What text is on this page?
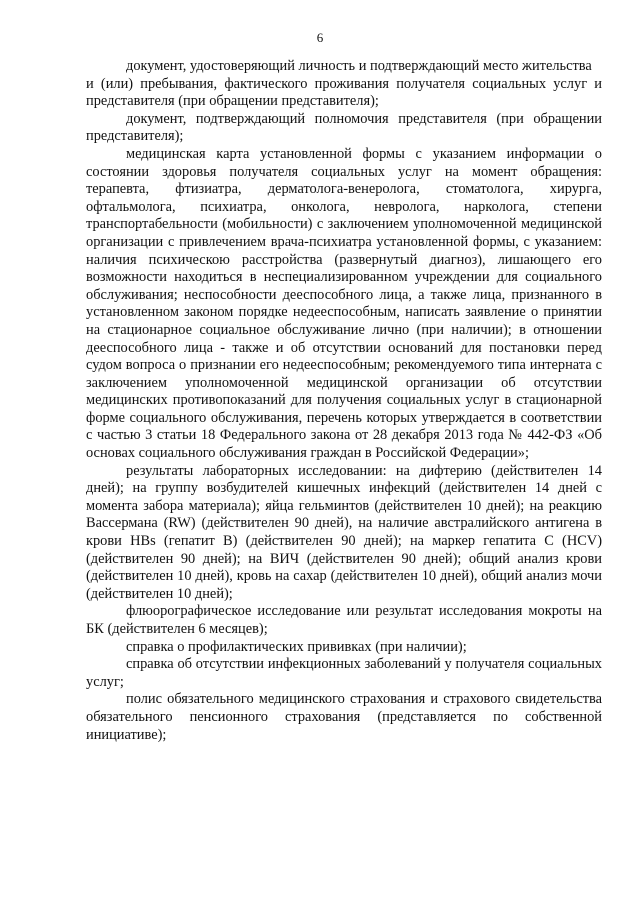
6

документ, удостоверяющий личность и подтверждающий место жительства
и (или) пребывания, фактического проживания получателя социальных услуг и представителя (при обращении представителя);

документ, подтверждающий полномочия представителя (при обращении представителя);

медицинская карта установленной формы с указанием информации о состоянии здоровья получателя социальных услуг на момент обращения: терапевта, фтизиатра, дерматолога-венеролога, стоматолога, хирурга, офтальмолога, психиатра, онколога, невролога, нарколога, степени транспортабельности (мобильности) с заключением уполномоченной медицинской организации с привлечением врача-психиатра установленной формы, с указанием: наличия психическою расстройства (развернутый диагноз), лишающего его возможности находиться в неспециализированном учреждении для социального обслуживания; неспособности дееспособного лица, а также лица, признанного в установленном законом порядке недееспособным, написать заявление о принятии на стационарное социальное обслуживание лично (при наличии); в отношении дееспособного лица - также и об отсутствии оснований для постановки перед судом вопроса о признании его недееспособным; рекомендуемого типа интерната с заключением уполномоченной медицинской организации об отсутствии медицинских противопоказаний для получения социальных услуг в стационарной форме социального обслуживания, перечень которых утверждается в соответствии с частью 3 статьи 18 Федерального закона от 28 декабря 2013 года № 442-ФЗ «Об основах социального обслуживания граждан в Российской Федерации»;

результаты лабораторных исследовании: на дифтерию (действителен 14 дней); на группу возбудителей кишечных инфекций (действителен 14 дней с момента забора материала); яйца гельминтов (действителен 10 дней); на реакцию Вассермана (RW) (действителен 90 дней), на наличие австралийского антигена в крови HBs (гепатит В) (действителен 90 дней); на маркер гепатита С (HCV) (действителен 90 дней); на ВИЧ (действителен 90 дней); общий анализ крови (действителен 10 дней), кровь на сахар (действителен 10 дней), общий анализ мочи (действителен 10 дней);

флюорографическое исследование или результат исследования мокроты на БК (действителен 6 месяцев);

справка о профилактических прививках (при наличии);

справка об отсутствии инфекционных заболеваний у получателя социальных услуг;

полис обязательного медицинского страхования и страхового свидетельства обязательного пенсионного страхования (представляется по собственной инициативе);
